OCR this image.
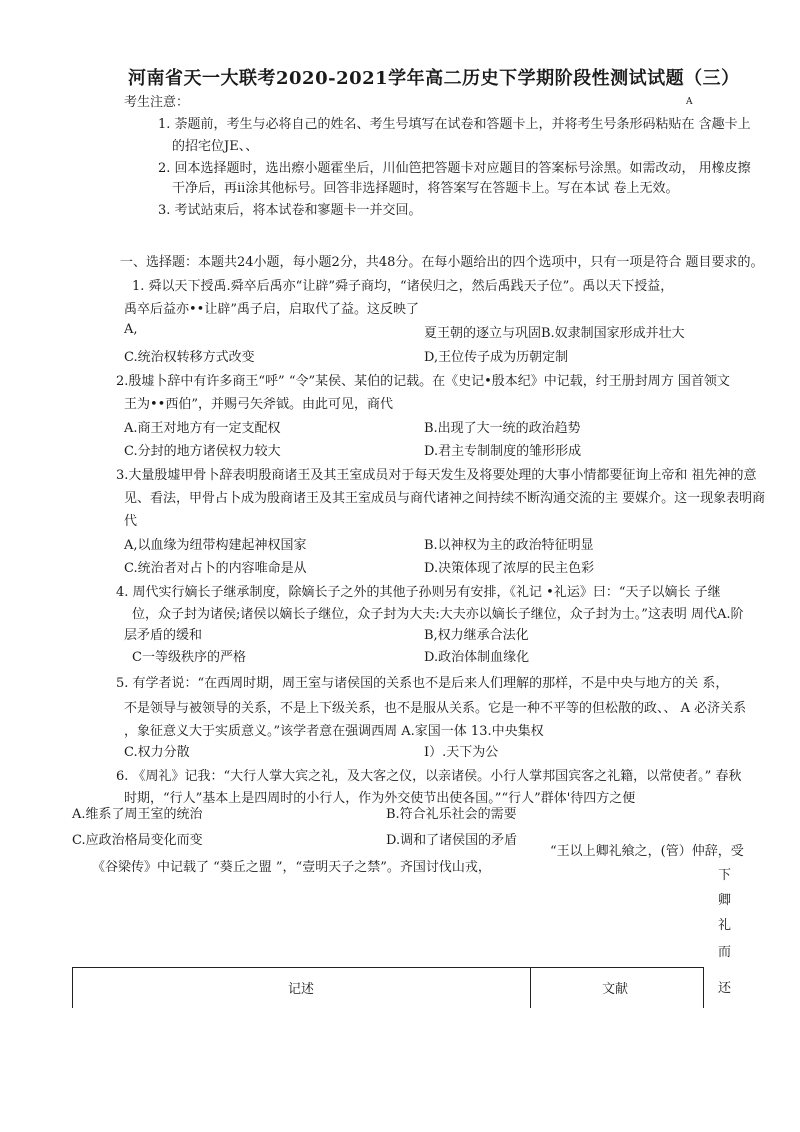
河南省天一大联考2020-2021学年高二历史下学期阶段性测试试题（三）
考生注意：	A
1. 荼题前，考生与必将自己的姓名、考生号填写在试卷和答题卡上，并将考生号条形码粘贴在 含趣卡上
的招宅位JE、、
2. 回本选择题时，选出瘵小题霍坐后，川仙笆把答题卡对应题目的答案标号涂黑。如需改动， 用橡皮擦
干净后，再ii涂其他标号。回答非选择题时，将答案写在答题卡上。写在本试 卷上无效。
3. 考试站束后，将本试卷和寥题卡一并交回。
一、选择题：本题共24小题，每小题2分，共48分。在每小题给出的四个选项中，只有一项是符合 题目要求的。
1. 舜以天下授禹.舜卒后禹亦“让辟”舜子商均，“诸侯归之，然后禹践天子位”。禹以天下授益，
禹卒后益亦••让辟”禹子启，启取代了益。这反映了
A,	夏王朝的逐立与巩固B.奴隶制国家形成并壮大
C.统治权转移方式改变	D,王位传子成为历朝定制
2.殷墟卜辞中有许多商王“呼” “令”某侯、某伯的记载。在《史记•殷本纪》中记载，纣王册封周方 国首领文
王为••西伯”，并赐弓矢斧钺。由此可见，商代
A.商王对地方有一定支配权	B.出现了大一统的政治趋势
C.分封的地方诸侯权力较大	D.君主专制制度的雏形形成
3.大量殷墟甲骨卜辞表明殷商诸王及其王室成员对于每天发生及将要处理的大事小情都要征询上帝和 祖先神的意
见、看法，甲骨占卜成为殷商诸王及其王室成员与商代诸神之间持续不断沟通交流的主 要媒介。这一现象表明商
代
A,以血缘为纽带构建起神权国家	B.以神权为主的政治特征明显
C.统治者对占卜的内容唯命是从	D.决策体现了浓厚的民主色彩
4. 周代实行嫡长子继承制度，除嫡长子之外的其他子孙则另有安排，《礼记 •礼运》曰：“天子以嫡长 子继
位，众子封为诸侯;诸侯以嫡长子继位，众子封为大夫:大夫亦以嫡长子继位，众子封为士。”这表明 周代A.阶
层矛盾的缓和	B,权力继承合法化
C一等级秩序的严格	D.政治体制血缘化
5. 有学者说：“在西周时期，周王室与诸侯国的关系也不是后来人们理解的那样，不是中央与地方的关 系，
不是领导与被领导的关系，不是上下级关系，也不是服从关系。它是一种不平等的但松散的政、、 A 必济关系
，象征意义大于实质意义。”该学者意在强调西周 A.家国一体 13.中央集权
C.权力分散	I）.天下为公
6. 《周礼》记我：“大行人掌大宾之礼，及大客之仪，以亲诸侯。小行人掌邦国宾客之礼籍，以常使者。” 春秋
时期，“行人”基本上是四周时的小行人，作为外交使节出使各国。”“行人”群体'待四方之便
A.维系了周王室的统治	B.符合礼乐社会的需要
C.应政治格局变化而变	D.调和了诸侯国的矛盾
“王以上卿礼飨之，(管）仲辞，受
《谷梁传》中记载了 “葵丘之盟 ”，“壹明天子之禁”。齐国讨伐山戎，
下
卿
礼
而
还
记述	文献
